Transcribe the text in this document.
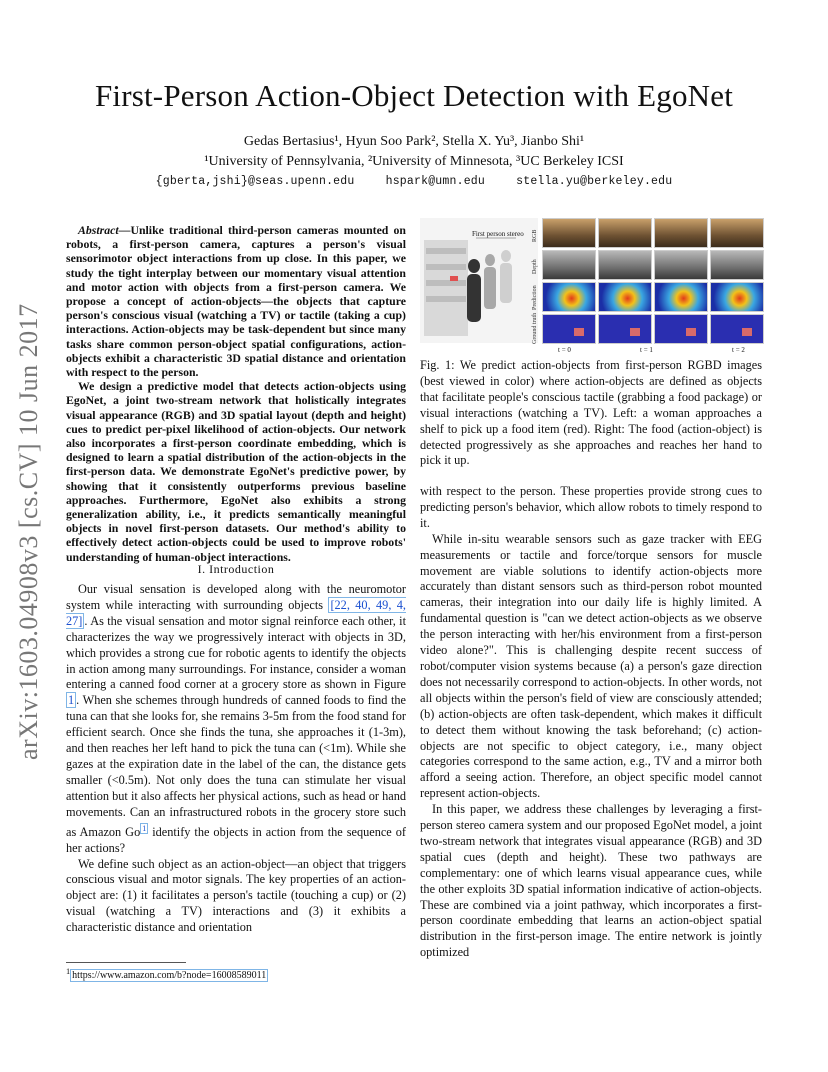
arXiv:1603.04908v3 [cs.CV] 10 Jun 2017
First-Person Action-Object Detection with EgoNet
Gedas Bertasius¹, Hyun Soo Park², Stella X. Yu³, Jianbo Shi¹
¹University of Pennsylvania, ²University of Minnesota, ³UC Berkeley ICSI
{gberta,jshi}@seas.upenn.edu	hspark@umn.edu	stella.yu@berkeley.edu

Abstract—Unlike traditional third-person cameras mounted on robots, a first-person camera, captures a person's visual sensorimotor object interactions from up close. In this paper, we study the tight interplay between our momentary visual attention and motor action with objects from a first-person camera. We propose a concept of action-objects—the objects that capture person's conscious visual (watching a TV) or tactile (taking a cup) interactions. Action-objects may be task-dependent but since many tasks share common person-object spatial configurations, action-objects exhibit a characteristic 3D spatial distance and orientation with respect to the person.

We design a predictive model that detects action-objects using EgoNet, a joint two-stream network that holistically integrates visual appearance (RGB) and 3D spatial layout (depth and height) cues to predict per-pixel likelihood of action-objects. Our network also incorporates a first-person coordinate embedding, which is designed to learn a spatial distribution of the action-objects in the first-person data. We demonstrate EgoNet's predictive power, by showing that it consistently outperforms previous baseline approaches. Furthermore, EgoNet also exhibits a strong generalization ability, i.e., it predicts semantically meaningful objects in novel first-person datasets. Our method's ability to effectively detect action-objects could be used to improve robots' understanding of human-object interactions.

I. Introduction

Our visual sensation is developed along with the neuromotor system while interacting with surrounding objects [22, 40, 49, 4, 27] . As the visual sensation and motor signal reinforce each other, it characterizes the way we progressively interact with objects in 3D, which provides a strong cue for robotic agents to identify the objects in action among many surroundings. For instance, consider a woman entering a canned food corner at a grocery store as shown in Figure 1 . When she schemes through hundreds of canned foods to find the tuna can that she looks for, she remains 3-5m from the food stand for efficient search. Once she finds the tuna, she approaches it (1-3m), and then reaches her left hand to pick the tuna can (<1m). While she gazes at the expiration date in the label of the can, the distance gets smaller (<0.5m). Not only does the tuna can stimulate her visual attention but it also affects her physical actions, such as head or hand movements. Can an infrastructured robots in the grocery store such as Amazon Go $^1$ identify the objects in action from the sequence of her actions?

We define such object as an action-object—an object that triggers conscious visual and motor signals. The key properties of an action-object are: (1) it facilitates a person's tactile (touching a cup) or (2) visual (watching a TV) interactions and (3) it exhibits a characteristic distance and orientation

$^1$ https://www.amazon.com/b?node=16008589011
First person stereo RGB
Depth
Prediction
Ground truth
t = 0	t = 1	t = 2

Fig. 1: We predict action-objects from first-person RGBD images (best viewed in color) where action-objects are defined as objects that facilitate people's conscious tactile (grabbing a food package) or visual interactions (watching a TV). Left: a woman approaches a shelf to pick up a food item (red). Right: The food (action-object) is detected progressively as she approaches and reaches her hand to pick it up.

with respect to the person. These properties provide strong cues to predicting person's behavior, which allow robots to timely respond to it.

While in-situ wearable sensors such as gaze tracker with EEG measurements or tactile and force/torque sensors for muscle movement are viable solutions to identify action-objects more accurately than distant sensors such as third-person robot mounted cameras, their integration into our daily life is highly limited. A fundamental question is "can we detect action-objects as we observe the person interacting with her/his environment from a first-person video alone?". This is challenging despite recent success of robot/computer vision systems because (a) a person's gaze direction does not necessarily correspond to action-objects. In other words, not all objects within the person's field of view are consciously attended; (b) action-objects are often task-dependent, which makes it difficult to detect them without knowing the task beforehand; (c) action-objects are not specific to object category, i.e., many object categories correspond to the same action, e.g., TV and a mirror both afford a seeing action. Therefore, an object specific model cannot represent action-objects.

In this paper, we address these challenges by leveraging a first-person stereo camera system and our proposed EgoNet model, a joint two-stream network that integrates visual appearance (RGB) and 3D spatial cues (depth and height). These two pathways are complementary: one of which learns visual appearance cues, while the other exploits 3D spatial information indicative of action-objects. These are combined via a joint pathway, which incorporates a first-person coordinate embedding that learns an action-object spatial distribution in the first-person image. The entire network is jointly optimized
